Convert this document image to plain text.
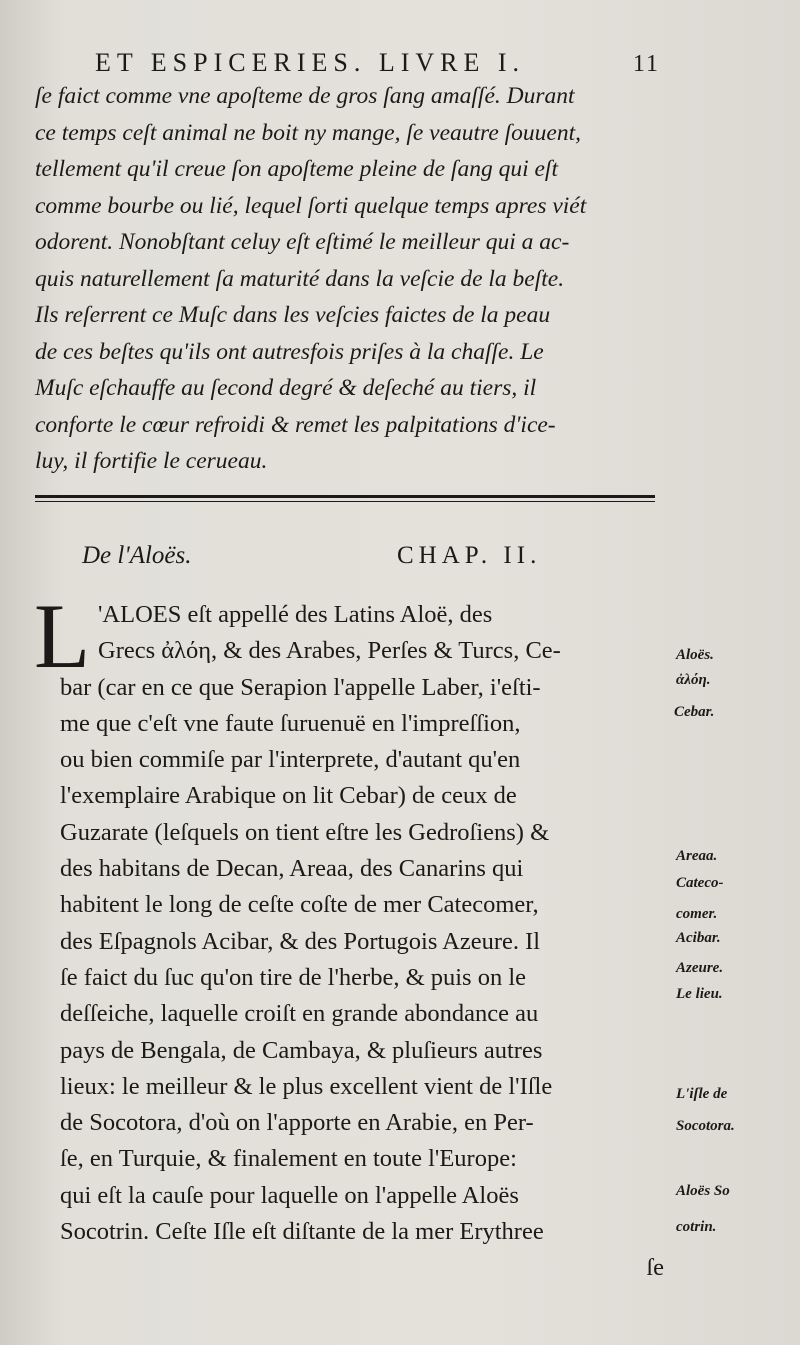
ET ESPICERIES. LIVRE I.	11
ſe faict comme vne apoſteme de gros ſang amaſſé. Durant
ce temps ceſt animal ne boit ny mange, ſe veautre ſouuent,
tellement qu'il creue ſon apoſteme pleine de ſang qui eſt
comme bourbe ou lié, lequel ſorti quelque temps apres viét
odorent. Nonobſtant celuy eſt eſtimé le meilleur qui a ac-
quis naturellement ſa maturité dans la veſcie de la beſte.
Ils reſerrent ce Muſc dans les veſcies faictes de la peau
de ces beſtes qu'ils ont autresfois priſes à la chaſſe. Le
Muſc eſchauffe au ſecond degré & deſeché au tiers, il
conforte le cœur refroidi & remet les palpitations d'ice-
luy, il fortifie le cerueau.
De l'Aloës.	CHAP. II.
L 'ALOES eſt appellé des Latins Aloë, des
Grecs ἀλόη, & des Arabes, Perſes & Turcs, Ce-
bar (car en ce que Serapion l'appelle Laber, i'eſti-
me que c'eſt vne faute ſuruenuë en l'impreſſion,
ou bien commiſe par l'interprete, d'autant qu'en
l'exemplaire Arabique on lit Cebar) de ceux de
Guzarate (leſquels on tient eſtre les Gedroſiens) &
des habitans de Decan, Areaa, des Canarins qui
habitent le long de ceſte coſte de mer Catecomer,
des Eſpagnols Acibar, & des Portugois Azeure. Il
ſe faict du ſuc qu'on tire de l'herbe, & puis on le
deſſeiche, laquelle croiſt en grande abondance au
pays de Bengala, de Cambaya, & pluſieurs autres
lieux: le meilleur & le plus excellent vient de l'Iſle
de Socotora, d'où on l'apporte en Arabie, en Per-
ſe, en Turquie, & finalement en toute l'Europe:
qui eſt la cauſe pour laquelle on l'appelle Aloës
Socotrin. Ceſte Iſle eſt diſtante de la mer Erythree
ſe
Aloës.
ἀλόη.
Cebar.
Areaa.
Cateco-
comer.
Acibar.
Azeure.
Le lieu.
L'iſle de
Socotora.
Aloës So
cotrin.
